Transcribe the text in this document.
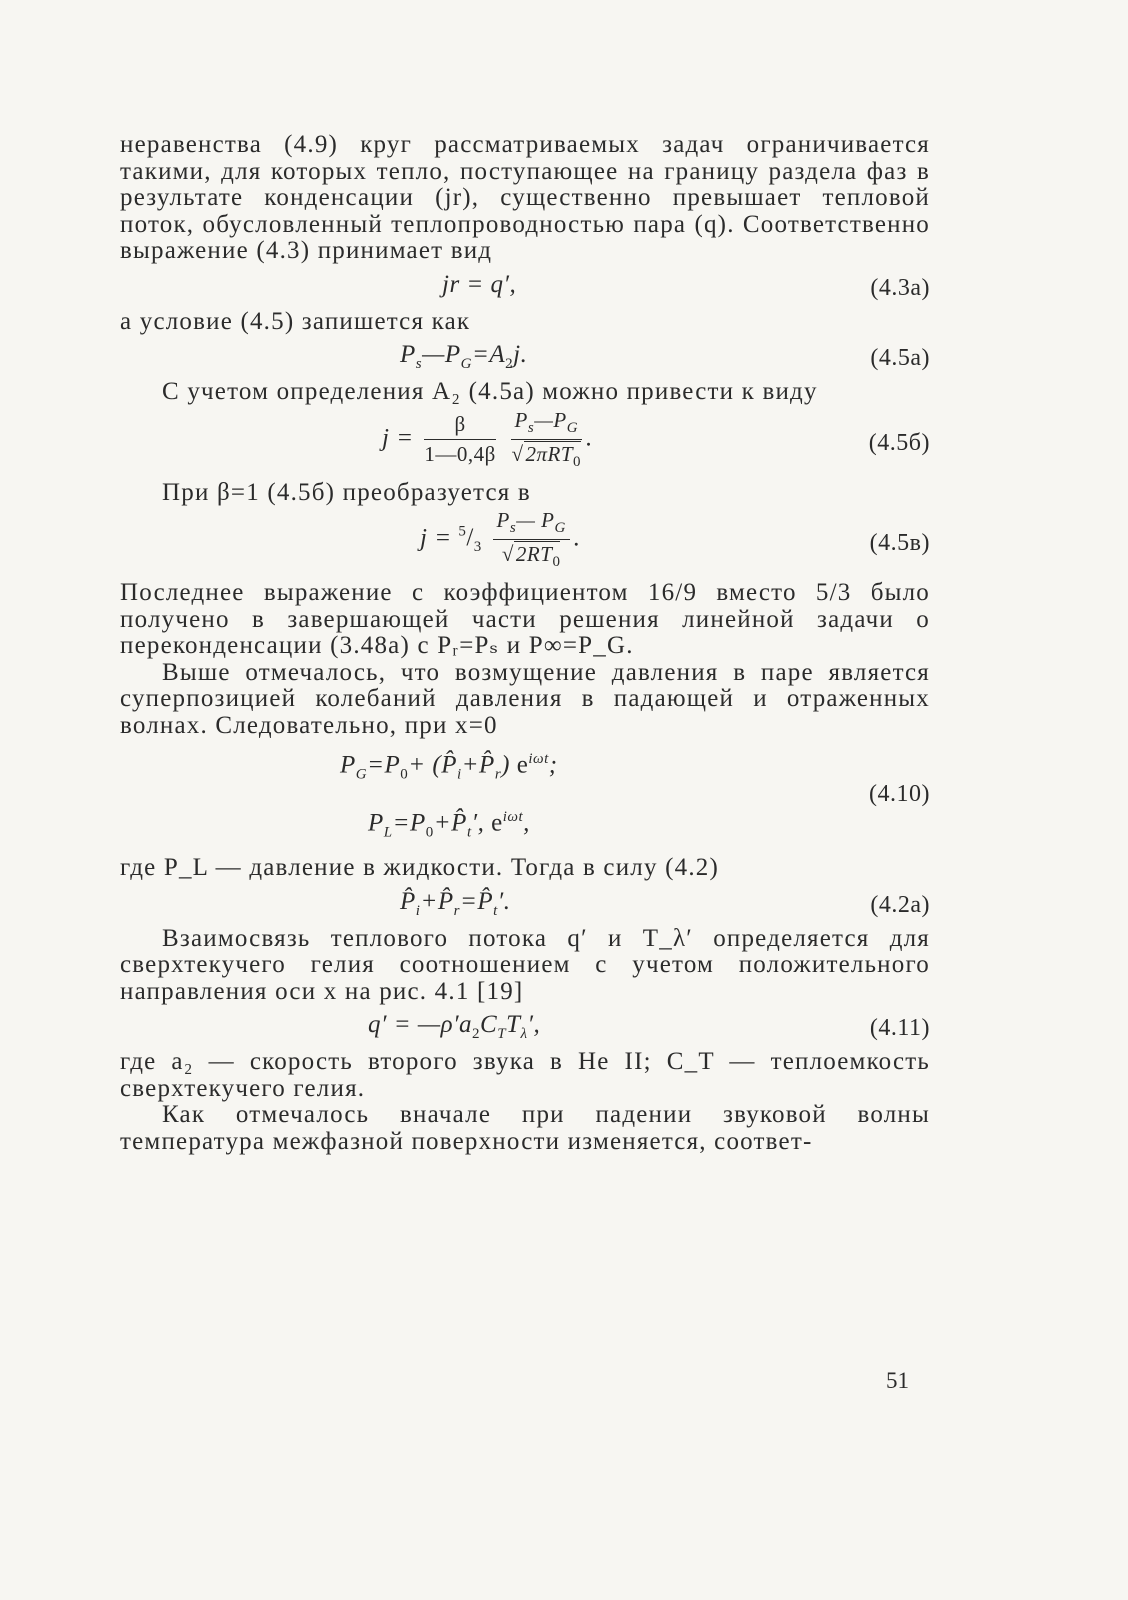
неравенства (4.9) круг рассматриваемых задач ограничивается такими, для которых тепло, поступающее на границу раздела фаз в результате конденсации (jr), существенно превышает тепловой поток, обусловленный теплопроводностью пара (q). Соответственно выражение (4.3) принимает вид

jr = q′,	(4.3а)

а условие (4.5) запишется как

$P_s—P_G=A_2j$.	(4.5а)

С учетом определения A₂ (4.5а) можно привести к виду

$j = \frac{\beta}{1—0,4\beta}$
$\frac{P_s—P_G}{√2\pi RT_0}$ .	(4.5б)

При β=1 (4.5б) преобразуется в

$j = ^5/_3 \frac{P_s— P_G}{√2RT_0}$ .	(4.5в)

Последнее выражение с коэффициентом 16/9 вместо 5/3 было получено в завершающей части решения линейной задачи о переконденсации (3.48а) с Pᵣ=Pₛ и P∞=P_G.

Выше отмечалось, что возмущение давления в паре является суперпозицией колебаний давления в падающей и отраженных волнах. Следовательно, при x=0

$P_G=P_0+$ $(P̂_i+P̂_r)$ $e^{i\omega t}$;
$P_L=P_0+P̂_t'$, $e^{i\omega t}$,
(4.10)

где P_L — давление в жидкости. Тогда в силу (4.2)

$P̂_i+P̂_r=P̂_t'$.	(4.2а)

Взаимосвязь теплового потока q′ и T_λ′ определяется для сверхтекучего гелия соотношением с учетом положительного направления оси x на рис. 4.1 [19]

$q' = —\rho'a_2C_TT_\lambda'$,	(4.11)

где a₂ — скорость второго звука в He II; C_T — теплоемкость сверхтекучего гелия.

Как отмечалось вначале при падении звуковой волны температура межфазной поверхности изменяется, соответ-

51
